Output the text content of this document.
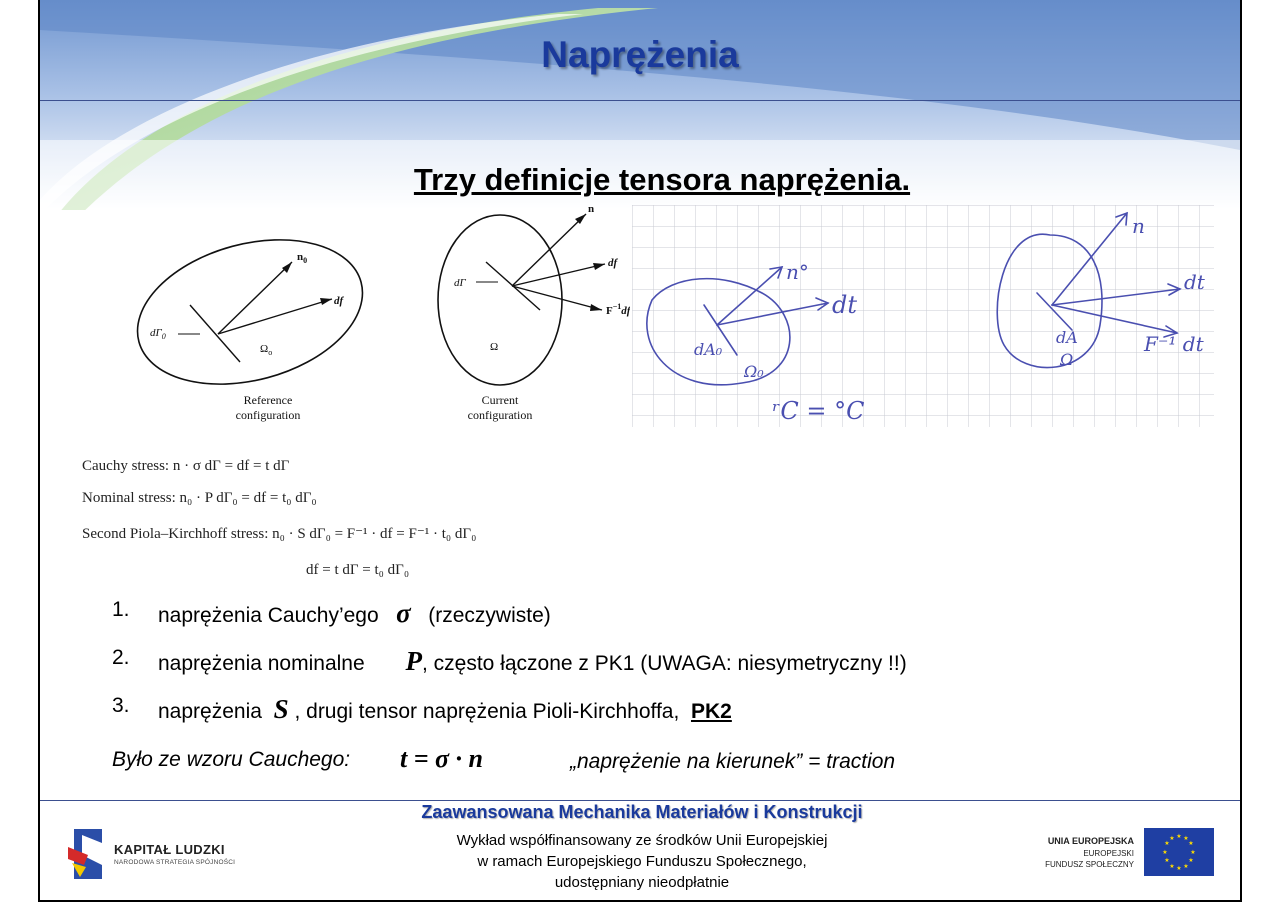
Naprężenia
$n_0$
df
$d\Gamma_0$
$\Omega_o$
Reference
configuration
n
df
$F^{-1}df$
dΓ
Ω
Current
configuration
n°
dt
dA₀
Ω₀
ʳC = °C
n
dt
dA
Ω
F⁻¹ dt
Trzy definicje tensora naprężenia.
Cauchy stress: n · σ dΓ = df = t dΓ
Nominal stress: n₀ · P dΓ₀ = df = t₀ dΓ₀
Second Piola–Kirchhoff stress: n₀ · S dΓ₀ = F⁻¹ · df = F⁻¹ · t₀ dΓ₀
df = t dΓ = t₀ dΓ₀
1. naprężenia Cauchy’ego σ (rzeczywiste)
2. naprężenia nominalne P, często łączone z PK1 (UWAGA: niesymetryczny !!)
3. naprężenia S , drugi tensor naprężenia Pioli-Kirchhoffa, PK2
Było ze wzoru Cauchego: t = σ · n	„naprężenie na kierunek” = traction
Zaawansowana Mechanika Materiałów i Konstrukcji
Wykład współfinansowany ze środków Unii Europejskiej
w ramach Europejskiego Funduszu Społecznego,
udostępniany nieodpłatnie
KAPITAŁ LUDZKI
NARODOWA STRATEGIA SPÓJNOŚCI
UNIA EUROPEJSKA
EUROPEJSKI
FUNDUSZ SPOŁECZNY
★ ★
★
★
★
★
★
★
★
★
★
★
